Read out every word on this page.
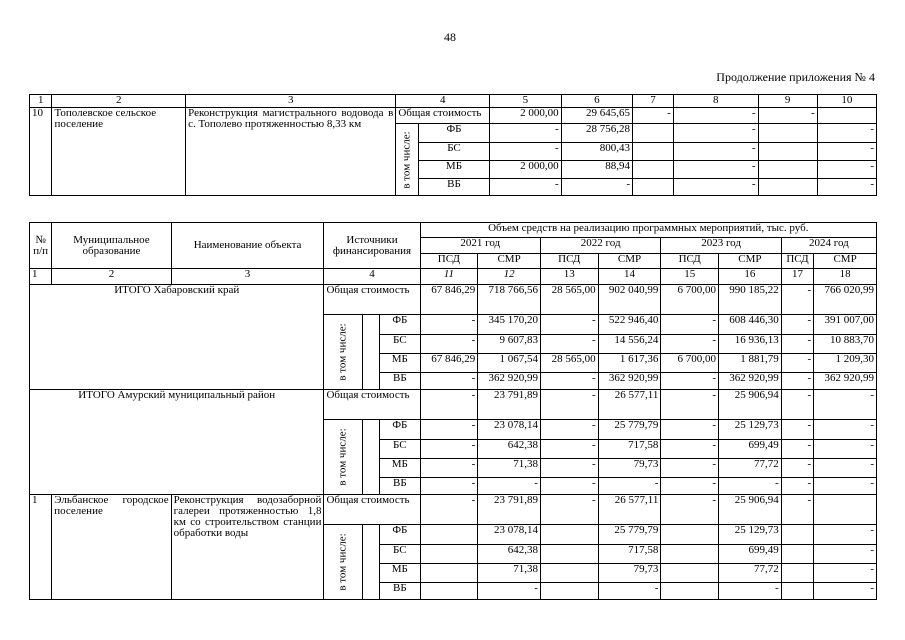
48
Продолжение приложения № 4
1	2	3	4		5	6	7	8	9	10
10	Тополевское сельское поселение	Реконструкция магистрального водовода в с. Тополево протяженностью 8,33 км	Общая стоимость		2 000,00	29 645,65	-	-	-	

			в том числе:	ФБ	-	28 756,28		-		-
				БС	-	800,43		-		-
				МБ	2 000,00	88,94		-		-
				ВБ	-	-		-		-
№ п/п	Муниципальное образование	Наименование объекта	Источники финансирования			Объем средств на реализацию программных мероприятий, тыс. руб.							
						2021 год		2022 год		2023 год		2024 год	
						ПСД	СМР	ПСД	СМР	ПСД	СМР	ПСД	СМР
1	2	3	4			11	12	13	14	15	16	17	18
ИТОГО Хабаровский край			Общая стоимость			67 846,29	718 766,56	28 565,00	902 040,99	6 700,00	990 185,22	-	766 020,99

			в том числе:		ФБ	-	345 170,20	-	522 946,40	-	608 446,30	-	391 007,00
					БС	-	9 607,83	-	14 556,24	-	16 936,13	-	10 883,70
					МБ	67 846,29	1 067,54	28 565,00	1 617,36	6 700,00	1 881,79	-	1 209,30
					ВБ	-	362 920,99	-	362 920,99	-	362 920,99	-	362 920,99
ИТОГО Амурский муниципальный район			Общая стоимость			-	23 791,89	-	26 577,11	-	25 906,94	-	-

			в том числе:		ФБ	-	23 078,14	-	25 779,79	-	25 129,73	-	-
					БС	-	642,38	-	717,58	-	699,49	-	-
					МБ	-	71,38	-	79,73	-	77,72	-	-
					ВБ	-	-	-	-	-	-	-	-
1	Эльбанское городское поселение	Реконструкция водозаборной галереи протяженностью 1,8 км со строительством станции обработки воды	Общая стоимость			-	23 791,89	-	26 577,11	-	25 906,94	-	

			в том числе:		ФБ		23 078,14		25 779,79		25 129,73		-
					БС		642,38		717,58		699,49		-
					МБ		71,38		79,73		77,72		-
					ВБ		-		-		-		-
